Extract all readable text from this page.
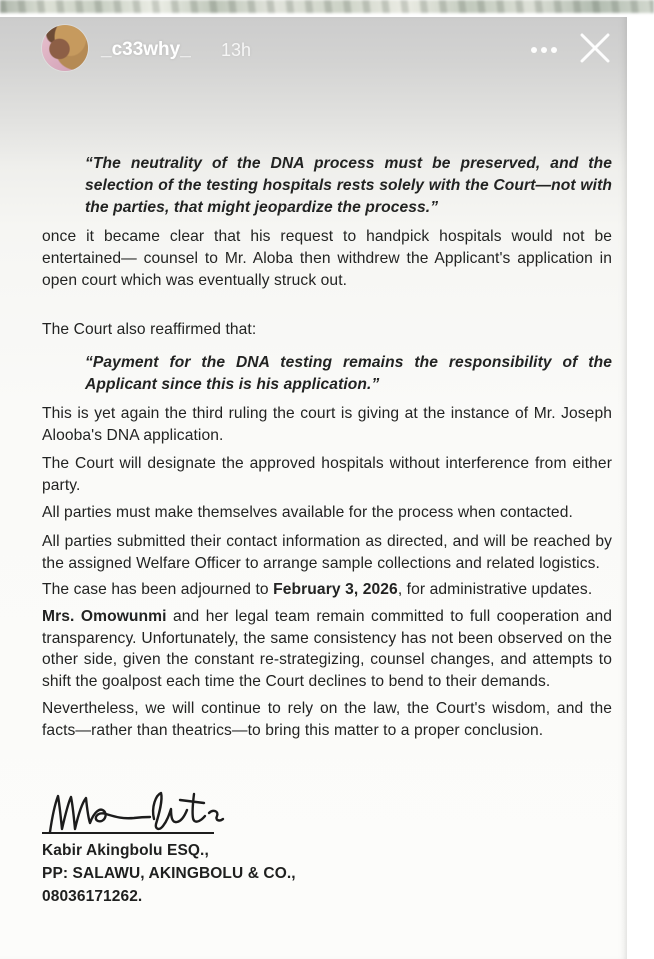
_c33why_ 13h

“The neutrality of the DNA process must be preserved, and the selection of the testing hospitals rests solely with the Court—not with the parties, that might jeopardize the process.”

once it became clear that his request to handpick hospitals would not be entertained— counsel to Mr. Aloba then withdrew the Applicant's application in open court which was eventually struck out.

The Court also reaffirmed that:

“Payment for the DNA testing remains the responsibility of the Applicant since this is his application.”

This is yet again the third ruling the court is giving at the instance of Mr. Joseph Alooba's DNA application.

The Court will designate the approved hospitals without interference from either party.

All parties must make themselves available for the process when contacted.

All parties submitted their contact information as directed, and will be reached by the assigned Welfare Officer to arrange sample collections and related logistics.

The case has been adjourned to February 3, 2026, for administrative updates.

Mrs. Omowunmi and her legal team remain committed to full cooperation and transparency. Unfortunately, the same consistency has not been observed on the other side, given the constant re-strategizing, counsel changes, and attempts to shift the goalpost each time the Court declines to bend to their demands.

Nevertheless, we will continue to rely on the law, the Court's wisdom, and the facts—rather than theatrics—to bring this matter to a proper conclusion.

Kabir Akingbolu ESQ.,
PP: SALAWU, AKINGBOLU & CO.,
08036171262.
